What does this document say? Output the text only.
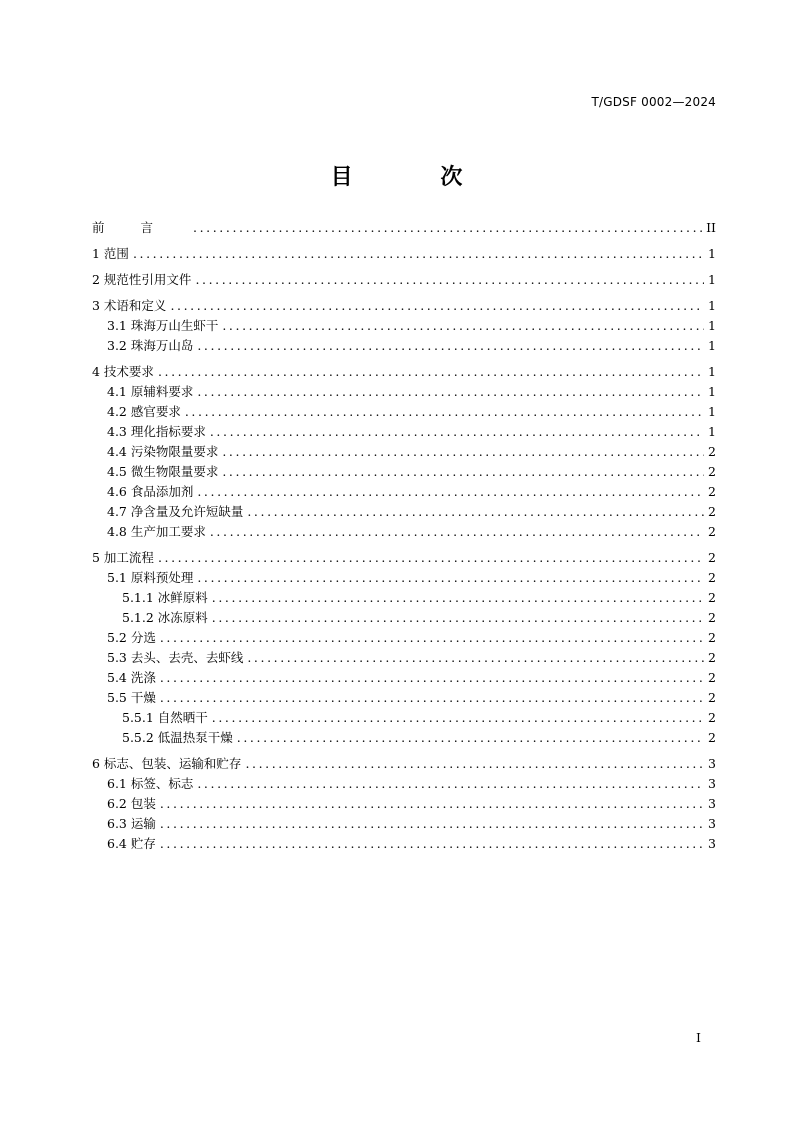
T/GDSF 0002—2024
目 次
前言 .....	II
1 范围 .....	1
2 规范性引用文件 .....	1
3 术语和定义 .....	1
3.1 珠海万山生虾干 .....	1
3.2 珠海万山岛 .....	1
4 技术要求 .....	1
4.1 原辅料要求 .....	1
4.2 感官要求 .....	1
4.3 理化指标要求 .....	1
4.4 污染物限量要求 .....	2
4.5 微生物限量要求 .....	2
4.6 食品添加剂 .....	2
4.7 净含量及允许短缺量 .....	2
4.8 生产加工要求 .....	2
5 加工流程 .....	2
5.1 原料预处理 .....	2
5.1.1 冰鲜原料 .....	2
5.1.2 冰冻原料 .....	2
5.2 分选 .....	2
5.3 去头、去壳、去虾线 .....	2
5.4 洗涤 .....	2
5.5 干燥 .....	2
5.5.1 自然晒干 .....	2
5.5.2 低温热泵干燥 .....	2
6 标志、包装、运输和贮存 .....	3
6.1 标签、标志 .....	3
6.2 包装 .....	3
6.3 运输 .....	3
6.4 贮存 .....	3
I
